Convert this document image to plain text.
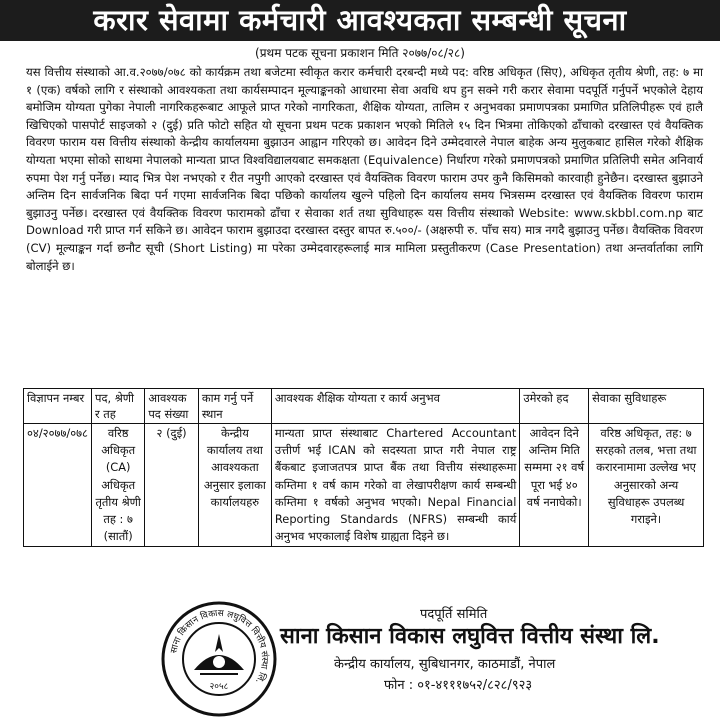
करार सेवामा कर्मचारी आवश्यकता सम्बन्धी सूचना
(प्रथम पटक सूचना प्रकाशन मिति २०७७/०८/२८)

यस वित्तीय संस्थाको आ.व.२०७७/०७८ को कार्यक्रम तथा बजेटमा स्वीकृत करार कर्मचारी दरबन्दी मध्ये पद: वरिष्ठ अधिकृत (सिए), अधिकृत तृतीय श्रेणी, तह: ७ मा १ (एक) वर्षको लागि र संस्थाको आवश्यकता तथा कार्यसम्पादन मूल्याङ्कनको आधारमा सेवा अवधि थप हुन सक्ने गरी करार सेवामा पदपूर्ति गर्नुपर्ने भएकोले देहाय बमोजिम योग्यता पुगेका नेपाली नागरिकहरूबाट आफूले प्राप्त गरेको नागरिकता, शैक्षिक योग्यता, तालिम र अनुभवका प्रमाणपत्रका प्रमाणित प्रतिलिपीहरू एवं हालै खिचिएको पासपोर्ट साइजको २ (दुई) प्रति फोटो सहित यो सूचना प्रथम पटक प्रकाशन भएको मितिले १५ दिन भित्रमा तोकिएको ढाँचाको दरखास्त एवं वैयक्तिक विवरण फाराम यस वित्तीय संस्थाको केन्द्रीय कार्यालयमा बुझाउन आह्वान गरिएको छ। आवेदन दिने उम्मेदवारले नेपाल बाहेक अन्य मुलुकबाट हासिल गरेको शैक्षिक योग्यता भएमा सोको साथमा नेपालको मान्यता प्राप्त विश्वविद्यालयबाट समकक्षता (Equivalence) निर्धारण गरेको प्रमाणपत्रको प्रमाणित प्रतिलिपी समेत अनिवार्य रुपमा पेश गर्नु पर्नेछ। म्याद भित्र पेश नभएको र रीत नपुगी आएको दरखास्त एवं वैयक्तिक विवरण फाराम उपर कुनै किसिमको कारवाही हुनेछैन। दरखास्त बुझाउने अन्तिम दिन सार्वजनिक बिदा पर्न गएमा सार्वजनिक बिदा पछिको कार्यालय खुल्ने पहिलो दिन कार्यालय समय भित्रसम्म दरखास्त एवं वैयक्तिक विवरण फाराम बुझाउनु पर्नेछ। दरखास्त एवं वैयक्तिक विवरण फारामको ढाँचा र सेवाका शर्त तथा सुविधाहरू यस वित्तीय संस्थाको Website: www.skbbl.com.np बाट Download गरी प्राप्त गर्न सकिने छ। आवेदन फाराम बुझाउदा दरखास्त दस्तुर बापत रु.५००/- (अक्षरुपी रु. पाँच सय) मात्र नगदै बुझाउनु पर्नेछ। वैयक्तिक विवरण (CV) मूल्याङ्कन गर्दा छनौट सूची (Short Listing) मा परेका उम्मेदवारहरूलाई मात्र मामिला प्रस्तुतीकरण (Case Presentation) तथा अन्तर्वार्ताका लागि बोलाईने छ।

विज्ञापन नम्बर	पद, श्रेणी र तह	आवश्यक पद संख्या	काम गर्नु पर्ने स्थान	आवश्यक शैक्षिक योग्यता र कार्य अनुभव	उमेरको हद	सेवाका सुविधाहरू
०४/२०७७/०७८	वरिष्ठ अधिकृत (CA) अधिकृत तृतीय श्रेणी तह : ७ (सातौं)	२ (दुई)	केन्द्रीय कार्यालय तथा आवश्यकता अनुसार इलाका कार्यालयहरु	मान्यता प्राप्त संस्थाबाट Chartered Accountant उत्तीर्ण भई ICAN को सदस्यता प्राप्त गरी नेपाल राष्ट्र बैंकबाट इजाजतपत्र प्राप्त बैंक तथा वित्तीय संस्थाहरूमा कम्तिमा १ वर्ष काम गरेको वा लेखापरीक्षण कार्य सम्बन्धी कम्तिमा १ वर्षको अनुभव भएको। Nepal Financial Reporting Standards (NFRS) सम्बन्धी कार्य अनुभव भएकालाई विशेष ग्राह्यता दिइने छ।	आवेदन दिने अन्तिम मिति सम्ममा २१ वर्ष पूरा भई ४० वर्ष ननाघेको।	वरिष्ठ अधिकृत, तह: ७ सरहको तलब, भत्ता तथा करारनामामा उल्लेख भए अनुसारको अन्य सुविधाहरू उपलब्ध गराइने।
साना किसान विकास लघुवित्त वित्तीय संस्था लि.
२०५८
पदपूर्ति समिति
साना किसान विकास लघुवित्त वित्तीय संस्था लि.
केन्द्रीय कार्यालय, सुबिधानगर, काठमाडौं, नेपाल
फोन : ०१-४१११७५२/८२८/९२३
